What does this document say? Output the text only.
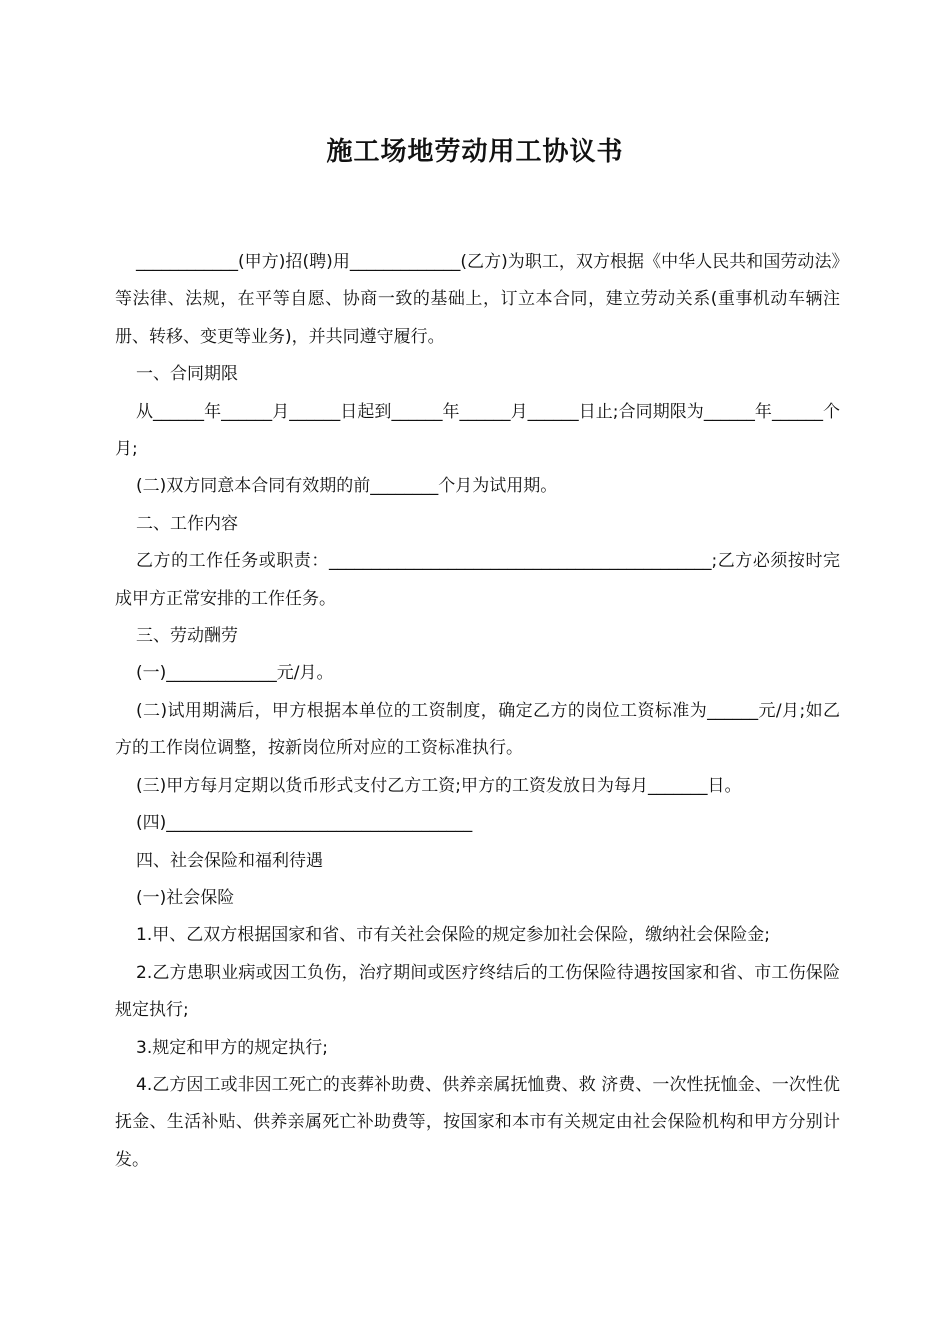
施工场地劳动用工协议书

____________(甲方)招(聘)用_____________(乙方)为职工，双方根据《中华人民共和国劳动法》等法律、法规，在平等自愿、协商一致的基础上，订立本合同，建立劳动关系(重事机动车辆注册、转移、变更等业务)，并共同遵守履行。

一、合同期限

从______年______月______日起到______年______月______日止;合同期限为______年______个月;

(二)双方同意本合同有效期的前________个月为试用期。

二、工作内容

乙方的工作任务或职责：_____________________________________________;乙方必须按时完成甲方正常安排的工作任务。

三、劳动酬劳

(一)_____________元/月。

(二)试用期满后，甲方根据本单位的工资制度，确定乙方的岗位工资标准为______元/月;如乙方的工作岗位调整，按新岗位所对应的工资标准执行。

(三)甲方每月定期以货币形式支付乙方工资;甲方的工资发放日为每月_______日。

(四)____________________________________

四、社会保险和福利待遇

(一)社会保险

1.甲、乙双方根据国家和省、市有关社会保险的规定参加社会保险，缴纳社会保险金;

2.乙方患职业病或因工负伤，治疗期间或医疗终结后的工伤保险待遇按国家和省、市工伤保险规定执行;

3.规定和甲方的规定执行;

4.乙方因工或非因工死亡的丧葬补助费、供养亲属抚恤费、救 济费、一次性抚恤金、一次性优抚金、生活补贴、供养亲属死亡补助费等，按国家和本市有关规定由社会保险机构和甲方分别计发。
